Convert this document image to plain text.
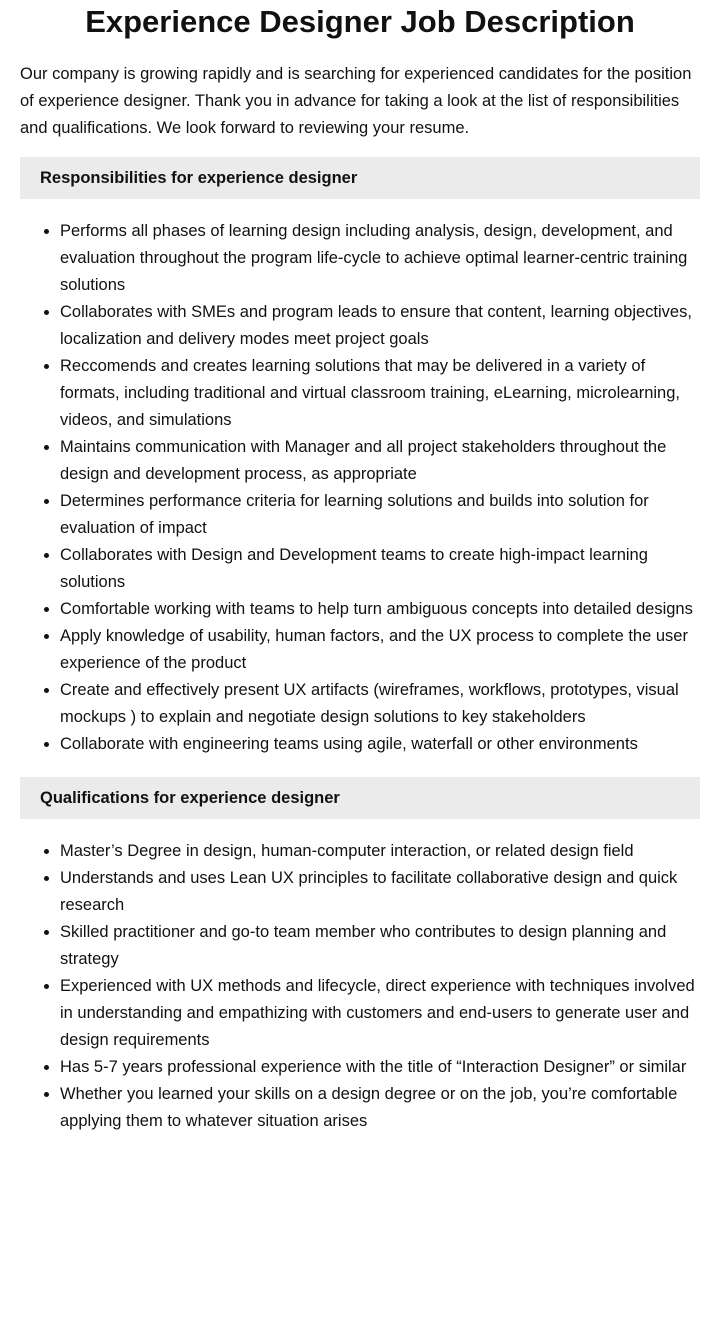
Experience Designer Job Description

Our company is growing rapidly and is searching for experienced candidates for the position of experience designer. Thank you in advance for taking a look at the list of responsibilities and qualifications. We look forward to reviewing your resume.

Responsibilities for experience designer
• Performs all phases of learning design including analysis, design, development, and evaluation throughout the program life-cycle to achieve optimal learner-centric training solutions
• Collaborates with SMEs and program leads to ensure that content, learning objectives, localization and delivery modes meet project goals
• Reccomends and creates learning solutions that may be delivered in a variety of formats, including traditional and virtual classroom training, eLearning, microlearning, videos, and simulations
• Maintains communication with Manager and all project stakeholders throughout the design and development process, as appropriate
• Determines performance criteria for learning solutions and builds into solution for evaluation of impact
• Collaborates with Design and Development teams to create high-impact learning solutions
• Comfortable working with teams to help turn ambiguous concepts into detailed designs
• Apply knowledge of usability, human factors, and the UX process to complete the user experience of the product
• Create and effectively present UX artifacts (wireframes, workflows, prototypes, visual mockups ) to explain and negotiate design solutions to key stakeholders
• Collaborate with engineering teams using agile, waterfall or other environments
Qualifications for experience designer
• Master’s Degree in design, human-computer interaction, or related design field
• Understands and uses Lean UX principles to facilitate collaborative design and quick research
• Skilled practitioner and go-to team member who contributes to design planning and strategy
• Experienced with UX methods and lifecycle, direct experience with techniques involved in understanding and empathizing with customers and end-users to generate user and design requirements
• Has 5-7 years professional experience with the title of “Interaction Designer” or similar
• Whether you learned your skills on a design degree or on the job, you’re comfortable applying them to whatever situation arises
